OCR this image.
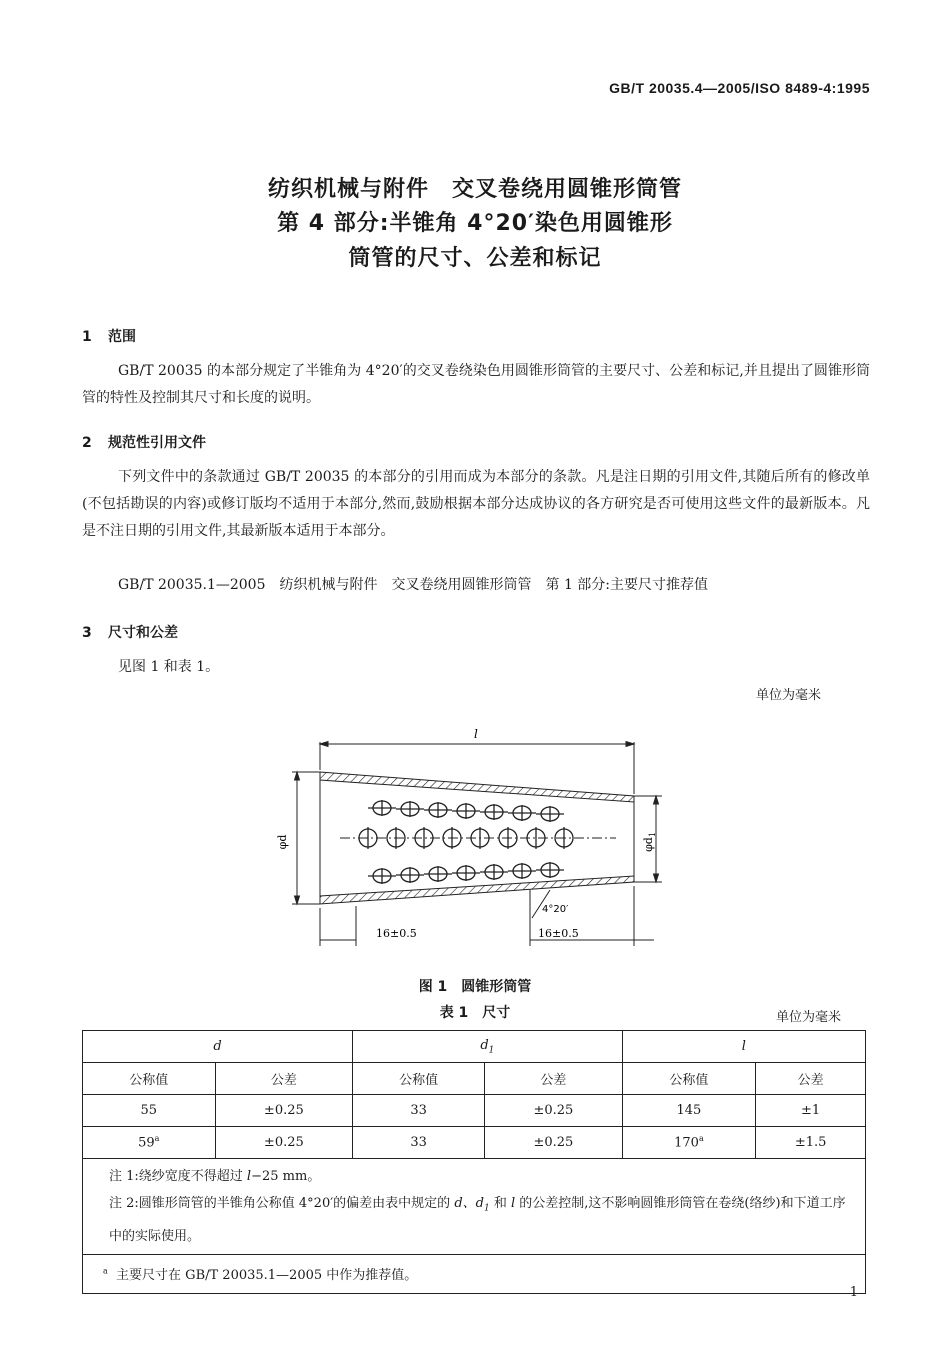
GB/T 20035.4—2005/ISO 8489-4:1995
纺织机械与附件　交叉卷绕用圆锥形筒管
第 4 部分:半锥角 4°20′染色用圆锥形
筒管的尺寸、公差和标记
1 范围
GB/T 20035 的本部分规定了半锥角为 4°20′的交叉卷绕染色用圆锥形筒管的主要尺寸、公差和标记,并且提出了圆锥形筒管的特性及控制其尺寸和长度的说明。
2 规范性引用文件
下列文件中的条款通过 GB/T 20035 的本部分的引用而成为本部分的条款。凡是注日期的引用文件,其随后所有的修改单(不包括勘误的内容)或修订版均不适用于本部分,然而,鼓励根据本部分达成协议的各方研究是否可使用这些文件的最新版本。凡是不注日期的引用文件,其最新版本适用于本部分。
GB/T 20035.1—2005　纺织机械与附件　交叉卷绕用圆锥形筒管　第 1 部分:主要尺寸推荐值
3 尺寸和公差
见图 1 和表 1。
单位为毫米
l
φd	$\varphi d_1$
4°20′
16±0.5	16±0.5
图 1　圆锥形筒管
表 1　尺寸	单位为毫米
d		$d_1$		l	
公称值	公差	公称值	公差	公称值	公差
55	±0.25	33	±0.25	145	±1
$59^a$	±0.25	33	±0.25	$170^a$	±1.5

注 1:绕纱宽度不得超过 l−25 mm。
注 2:圆锥形筒管的半锥角公称值 4°20′的偏差由表中规定的 d、$d_1$ 和 l 的公差控制,这不影响圆锥形筒管在卷绕(络纱)和下道工序中的实际使用。					

$^a$ 主要尺寸在 GB/T 20035.1—2005 中作为推荐值。					
1
